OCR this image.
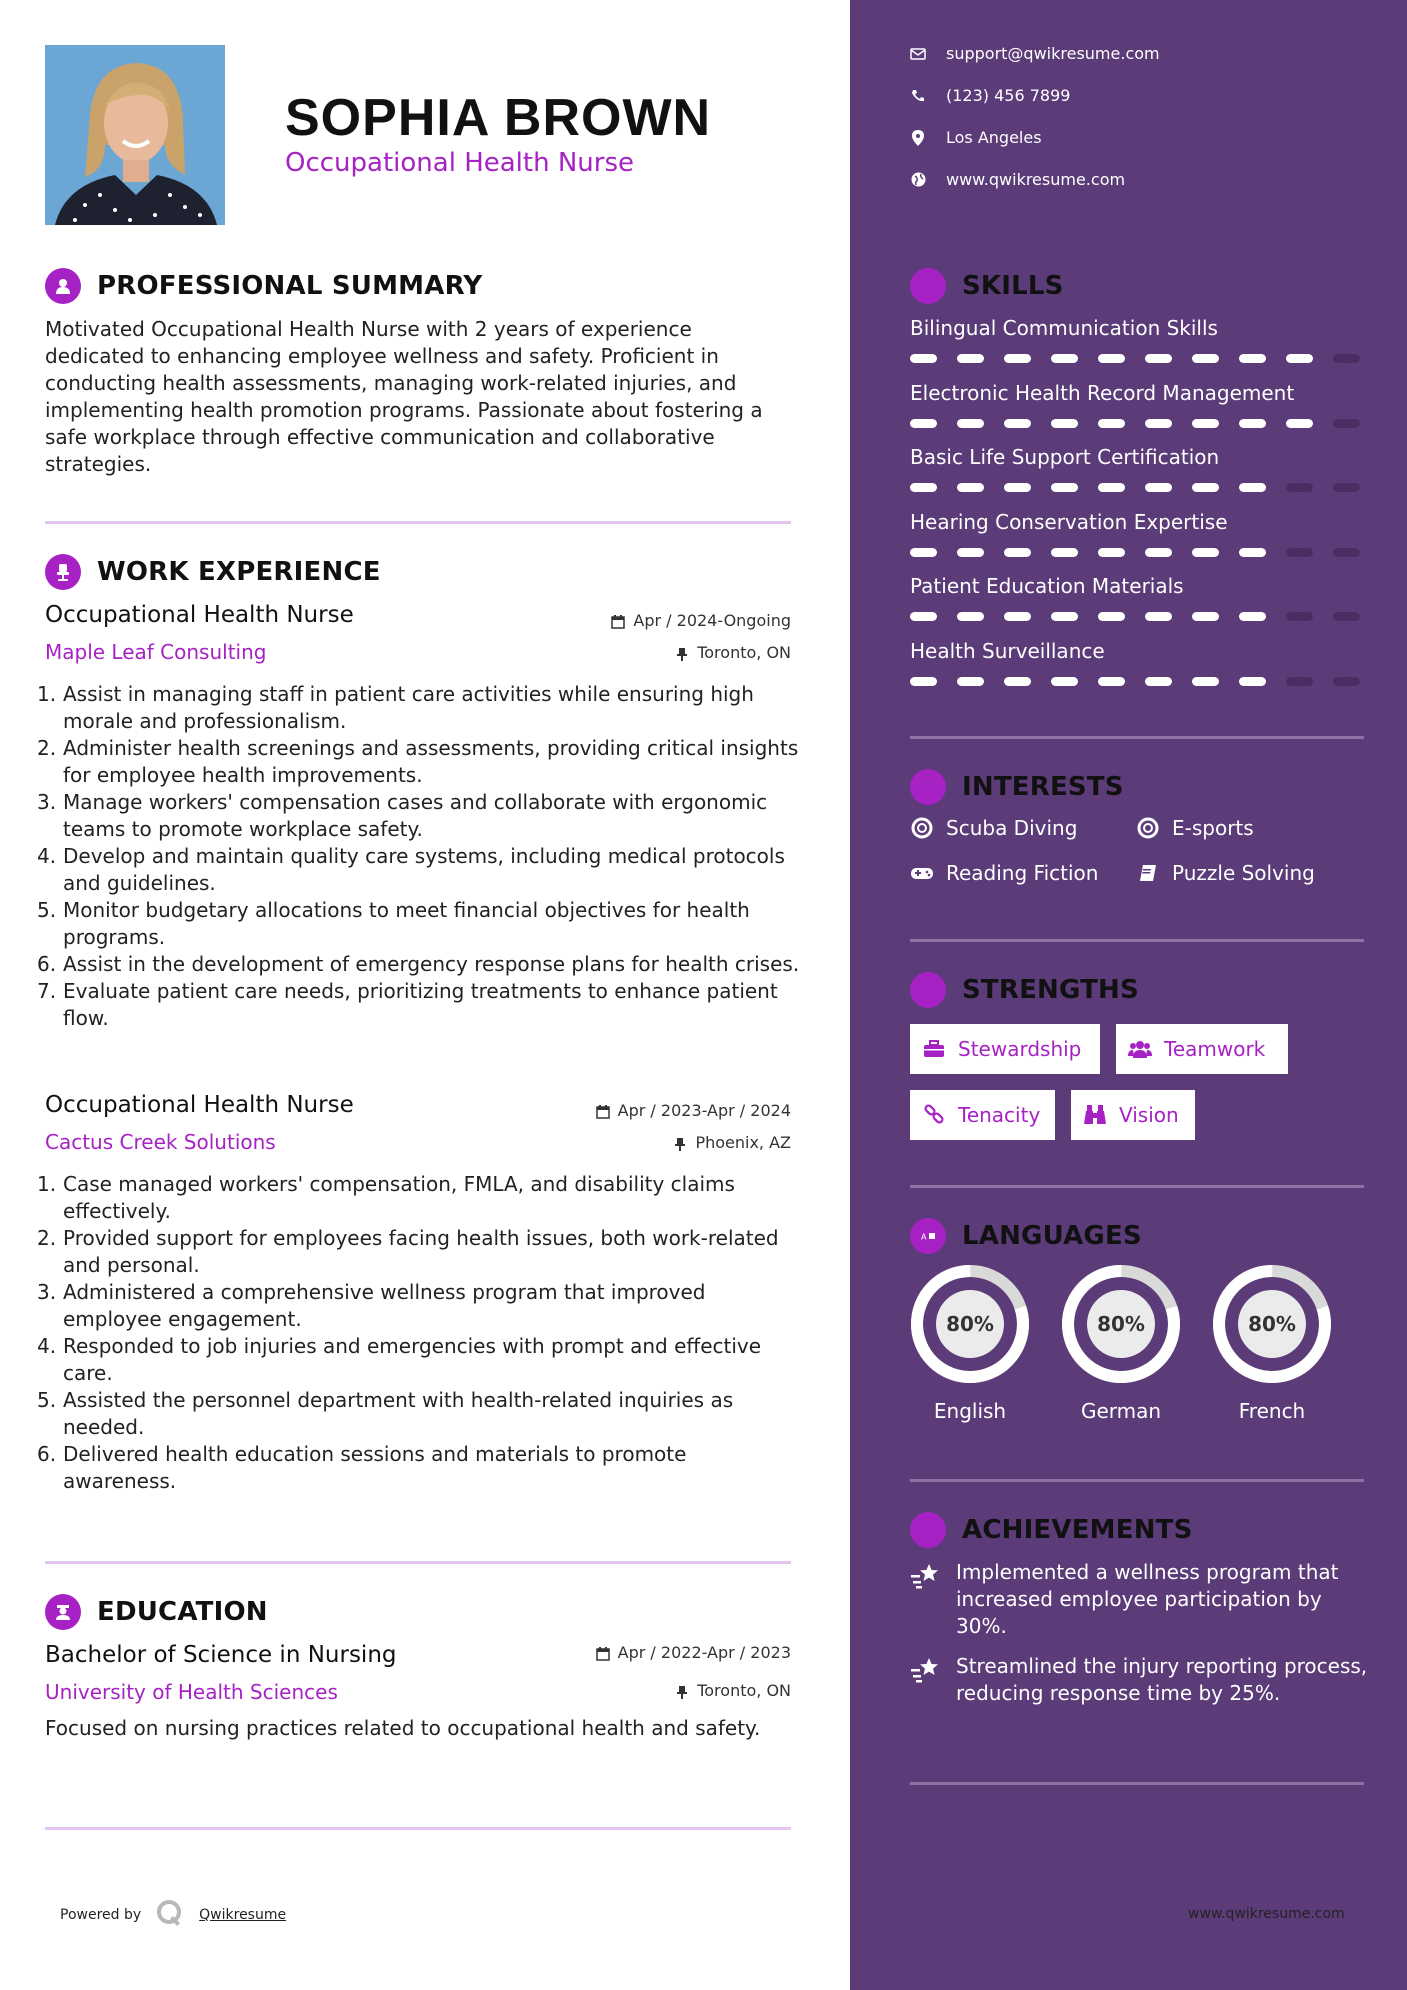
SOPHIA BROWN
Occupational Health Nurse
PROFESSIONAL SUMMARY
Motivated Occupational Health Nurse with 2 years of experience dedicated to enhancing employee wellness and safety. Proficient in conducting health assessments, managing work-related injuries, and implementing health promotion programs. Passionate about fostering a safe workplace through effective communication and collaborative strategies.
WORK EXPERIENCE
Occupational Health Nurse	Apr / 2024-Ongoing
Maple Leaf Consulting	Toronto, ON
1. Assist in managing staff in patient care activities while ensuring high morale and professionalism.
2. Administer health screenings and assessments, providing critical insights for employee health improvements.
3. Manage workers' compensation cases and collaborate with ergonomic teams to promote workplace safety.
4. Develop and maintain quality care systems, including medical protocols and guidelines.
5. Monitor budgetary allocations to meet financial objectives for health programs.
6. Assist in the development of emergency response plans for health crises.
7. Evaluate patient care needs, prioritizing treatments to enhance patient flow.
Occupational Health Nurse	Apr / 2023-Apr / 2024
Cactus Creek Solutions	Phoenix, AZ
1. Case managed workers' compensation, FMLA, and disability claims effectively.
2. Provided support for employees facing health issues, both work-related and personal.
3. Administered a comprehensive wellness program that improved employee engagement.
4. Responded to job injuries and emergencies with prompt and effective care.
5. Assisted the personnel department with health-related inquiries as needed.
6. Delivered health education sessions and materials to promote awareness.
EDUCATION
Bachelor of Science in Nursing	Apr / 2022-Apr / 2023
University of Health Sciences	Toronto, ON
Focused on nursing practices related to occupational health and safety.
Powered by	Qwikresume
support@qwikresume.com
(123) 456 7899
Los Angeles
www.qwikresume.com
SKILLS
Bilingual Communication Skills
Electronic Health Record Management
Basic Life Support Certification
Hearing Conservation Expertise
Patient Education Materials
Health Surveillance
INTERESTS
Scuba Diving	E-sports
Reading Fiction	Puzzle Solving
STRENGTHS
Stewardship	Teamwork
Tenacity	Vision
A LANGUAGES
80%
English
80%
German
80%
French
ACHIEVEMENTS
Implemented a wellness program that increased employee participation by 30%.
Streamlined the injury reporting process, reducing response time by 25%.
www.qwikresume.com
